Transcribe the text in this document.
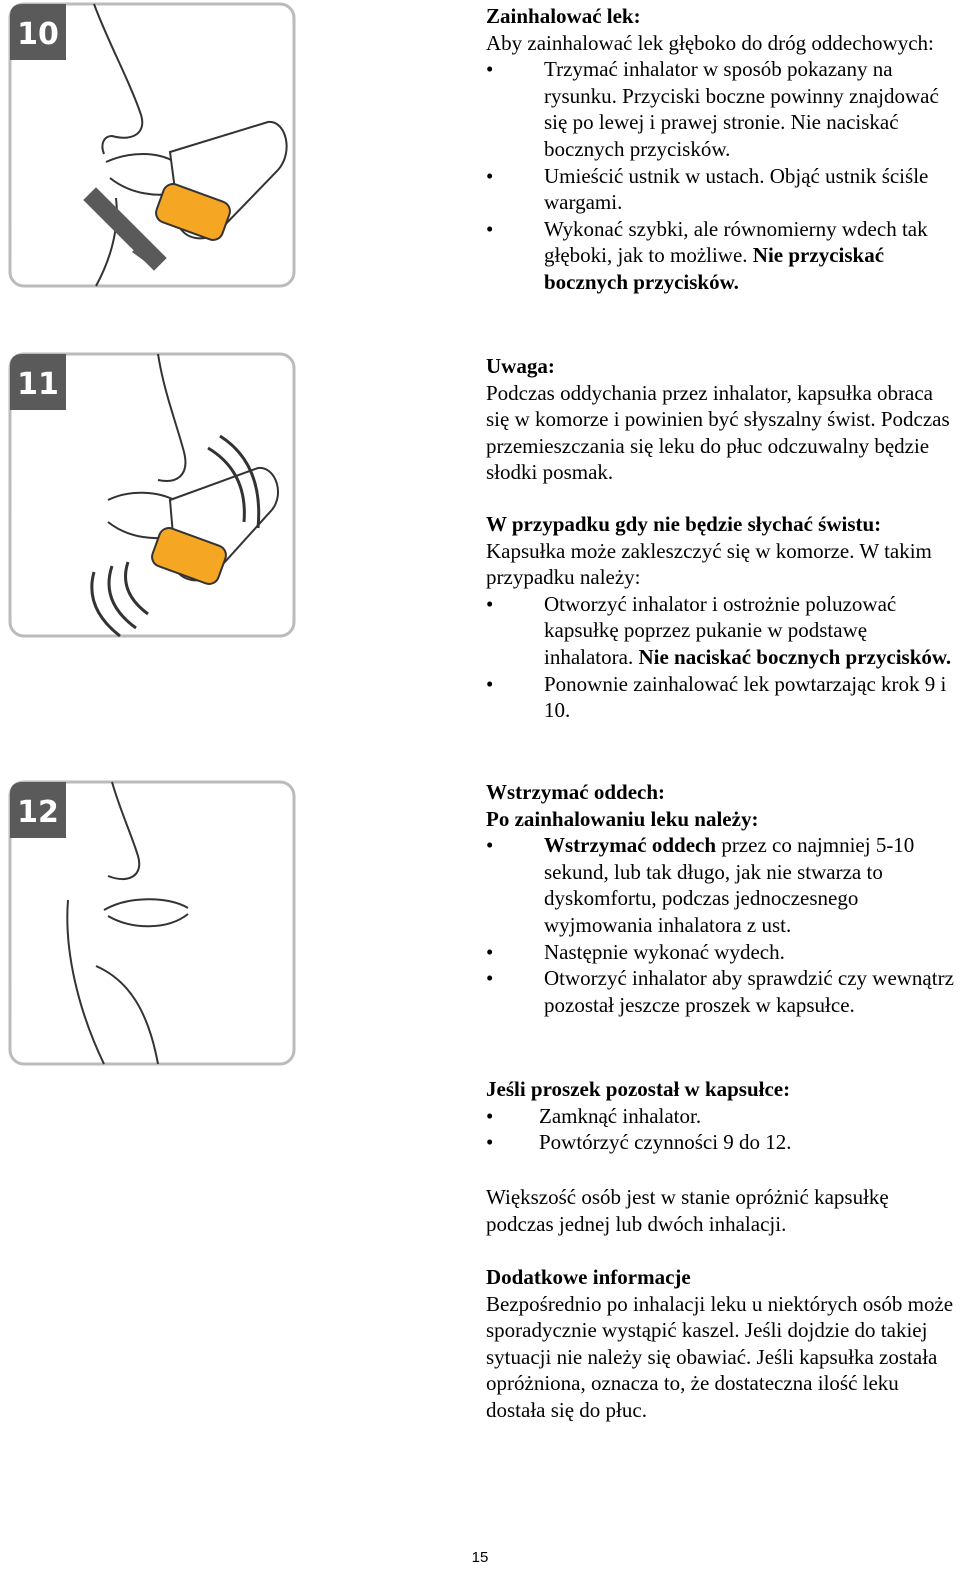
10
11
12

Zainhalować lek:

Aby zainhalować lek głęboko do dróg oddechowych:

• Trzymać inhalator w sposób pokazany na rysunku. Przyciski boczne powinny znajdować się po lewej i prawej stronie. Nie naciskać bocznych przycisków.
• Umieścić ustnik w ustach. Objąć ustnik ściśle wargami.
• Wykonać szybki, ale równomierny wdech tak głęboki, jak to możliwe. Nie przyciskać bocznych przycisków.

Uwaga:

Podczas oddychania przez inhalator, kapsułka obraca się w komorze i powinien być słyszalny świst. Podczas przemieszczania się leku do płuc odczuwalny będzie słodki posmak.

W przypadku gdy nie będzie słychać świstu:

Kapsułka może zakleszczyć się w komorze. W takim przypadku należy:

• Otworzyć inhalator i ostrożnie poluzować kapsułkę poprzez pukanie w podstawę inhalatora. Nie naciskać bocznych przycisków.
• Ponownie zainhalować lek powtarzając krok 9 i 10.

Wstrzymać oddech:

Po zainhalowaniu leku należy:

• Wstrzymać oddech przez co najmniej 5-10 sekund, lub tak długo, jak nie stwarza to dyskomfortu, podczas jednoczesnego wyjmowania inhalatora z ust.
• Następnie wykonać wydech.
• Otworzyć inhalator aby sprawdzić czy wewnątrz pozostał jeszcze proszek w kapsułce.

Jeśli proszek pozostał w kapsułce:

• Zamknąć inhalator.
• Powtórzyć czynności 9 do 12.

Większość osób jest w stanie opróżnić kapsułkę podczas jednej lub dwóch inhalacji.

Dodatkowe informacje

Bezpośrednio po inhalacji leku u niektórych osób może sporadycznie wystąpić kaszel. Jeśli dojdzie do takiej sytuacji nie należy się obawiać. Jeśli kapsułka została opróżniona, oznacza to, że dostateczna ilość leku dostała się do płuc.

15
